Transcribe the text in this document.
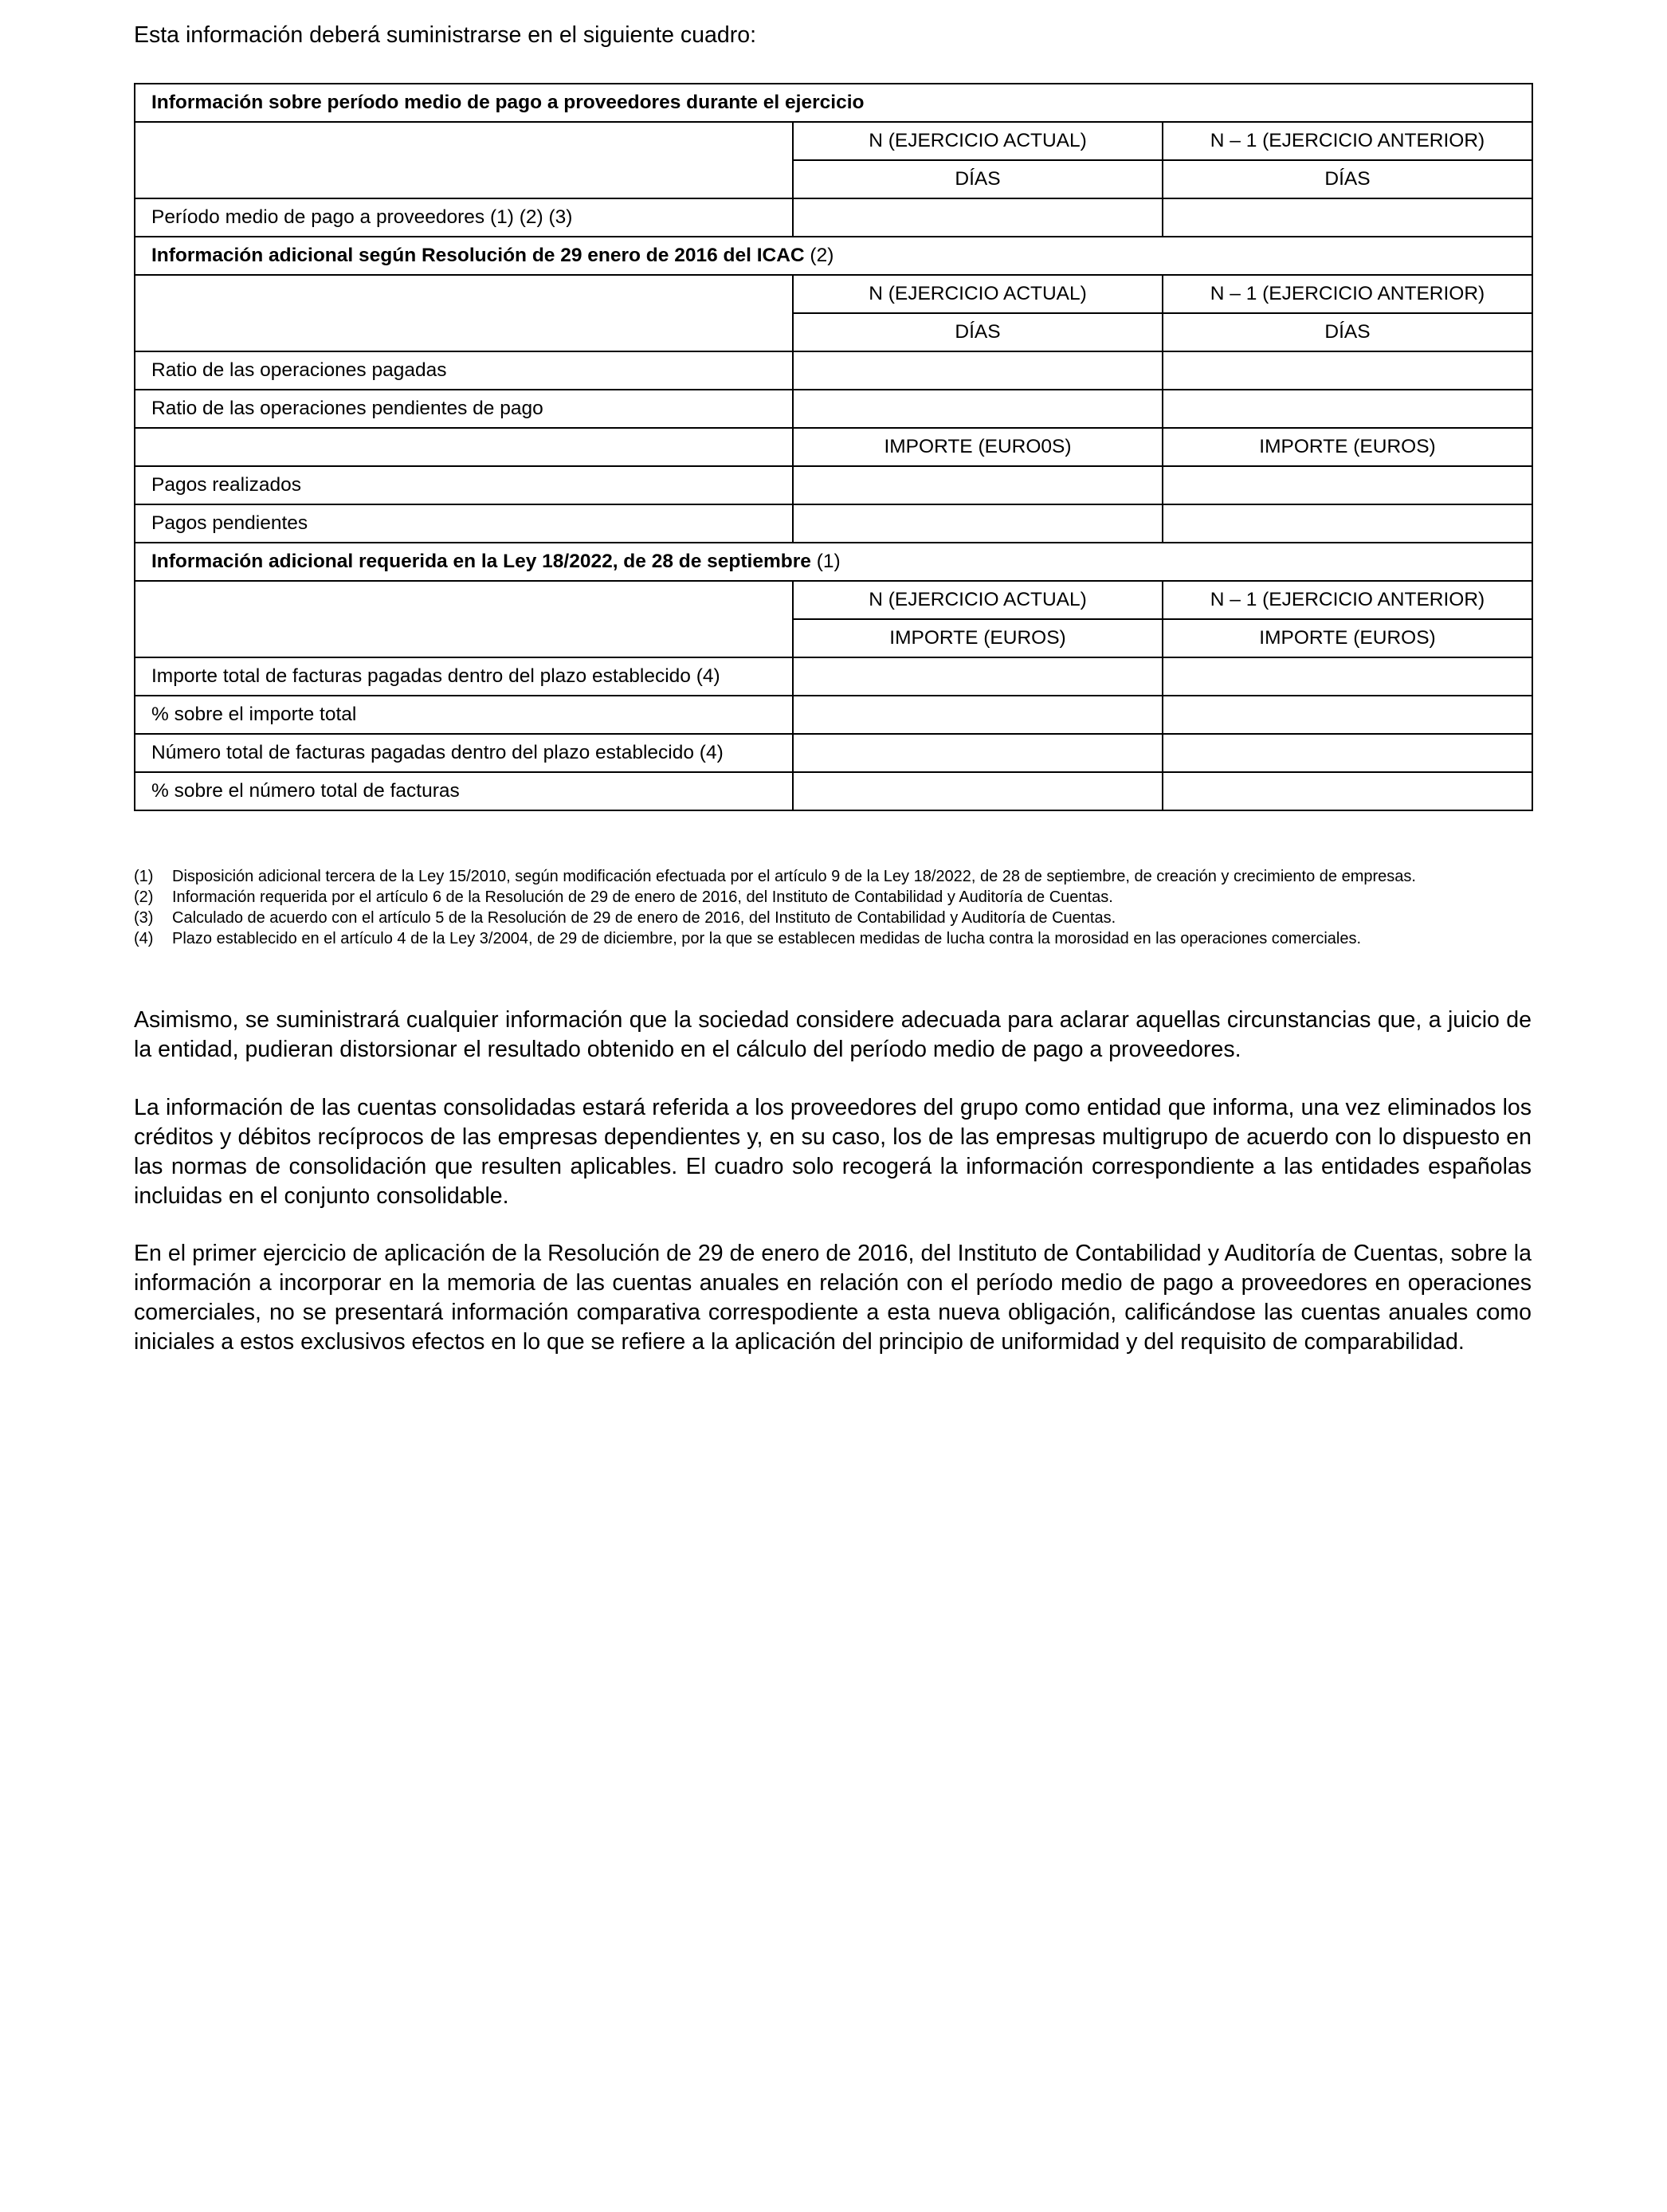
Esta información deberá suministrarse en el siguiente cuadro:

Información sobre período medio de pago a proveedores durante el ejercicio		
	N (EJERCICIO ACTUAL)	N – 1 (EJERCICIO ANTERIOR)
	DÍAS	DÍAS
Período medio de pago a proveedores (1) (2) (3)		
Información adicional según Resolución de 29 enero de 2016 del ICAC (2)		
	N (EJERCICIO ACTUAL)	N – 1 (EJERCICIO ANTERIOR)
	DÍAS	DÍAS
Ratio de las operaciones pagadas		
Ratio de las operaciones pendientes de pago		
	IMPORTE (EURO0S)	IMPORTE (EUROS)
Pagos realizados		
Pagos pendientes		
Información adicional requerida en la Ley 18/2022, de 28 de septiembre (1)		
	N (EJERCICIO ACTUAL)	N – 1 (EJERCICIO ANTERIOR)
	IMPORTE (EUROS)	IMPORTE (EUROS)
Importe total de facturas pagadas dentro del plazo establecido (4)		
% sobre el importe total		
Número total de facturas pagadas dentro del plazo establecido (4)		
% sobre el número total de facturas		
(1)	Disposición adicional tercera de la Ley 15/2010, según modificación efectuada por el artículo 9 de la Ley 18/2022, de 28 de septiembre, de creación y crecimiento de empresas.
(2)	Información requerida por el artículo 6 de la Resolución de 29 de enero de 2016, del Instituto de Contabilidad y Auditoría de Cuentas.
(3)	Calculado de acuerdo con el artículo 5 de la Resolución de 29 de enero de 2016, del Instituto de Contabilidad y Auditoría de Cuentas.
(4)	Plazo establecido en el artículo 4 de la Ley 3/2004, de 29 de diciembre, por la que se establecen medidas de lucha contra la morosidad en las operaciones comerciales.

Asimismo, se suministrará cualquier información que la sociedad considere adecuada para aclarar aquellas circunstancias que, a juicio de la entidad, pudieran distorsionar el resultado obtenido en el cálculo del período medio de pago a proveedores.

La información de las cuentas consolidadas estará referida a los proveedores del grupo como entidad que informa, una vez eliminados los créditos y débitos recíprocos de las empresas dependientes y, en su caso, los de las empresas multigrupo de acuerdo con lo dispuesto en las normas de consolidación que resulten aplicables. El cuadro solo recogerá la información correspondiente a las entidades españolas incluidas en el conjunto consolidable.

En el primer ejercicio de aplicación de la Resolución de 29 de enero de 2016, del Instituto de Contabilidad y Auditoría de Cuentas, sobre la información a incorporar en la memoria de las cuentas anuales en relación con el período medio de pago a proveedores en operaciones comerciales, no se presentará información comparativa correspodiente a esta nueva obligación, calificándose las cuentas anuales como iniciales a estos exclusivos efectos en lo que se refiere a la aplicación del principio de uniformidad y del requisito de comparabilidad.
